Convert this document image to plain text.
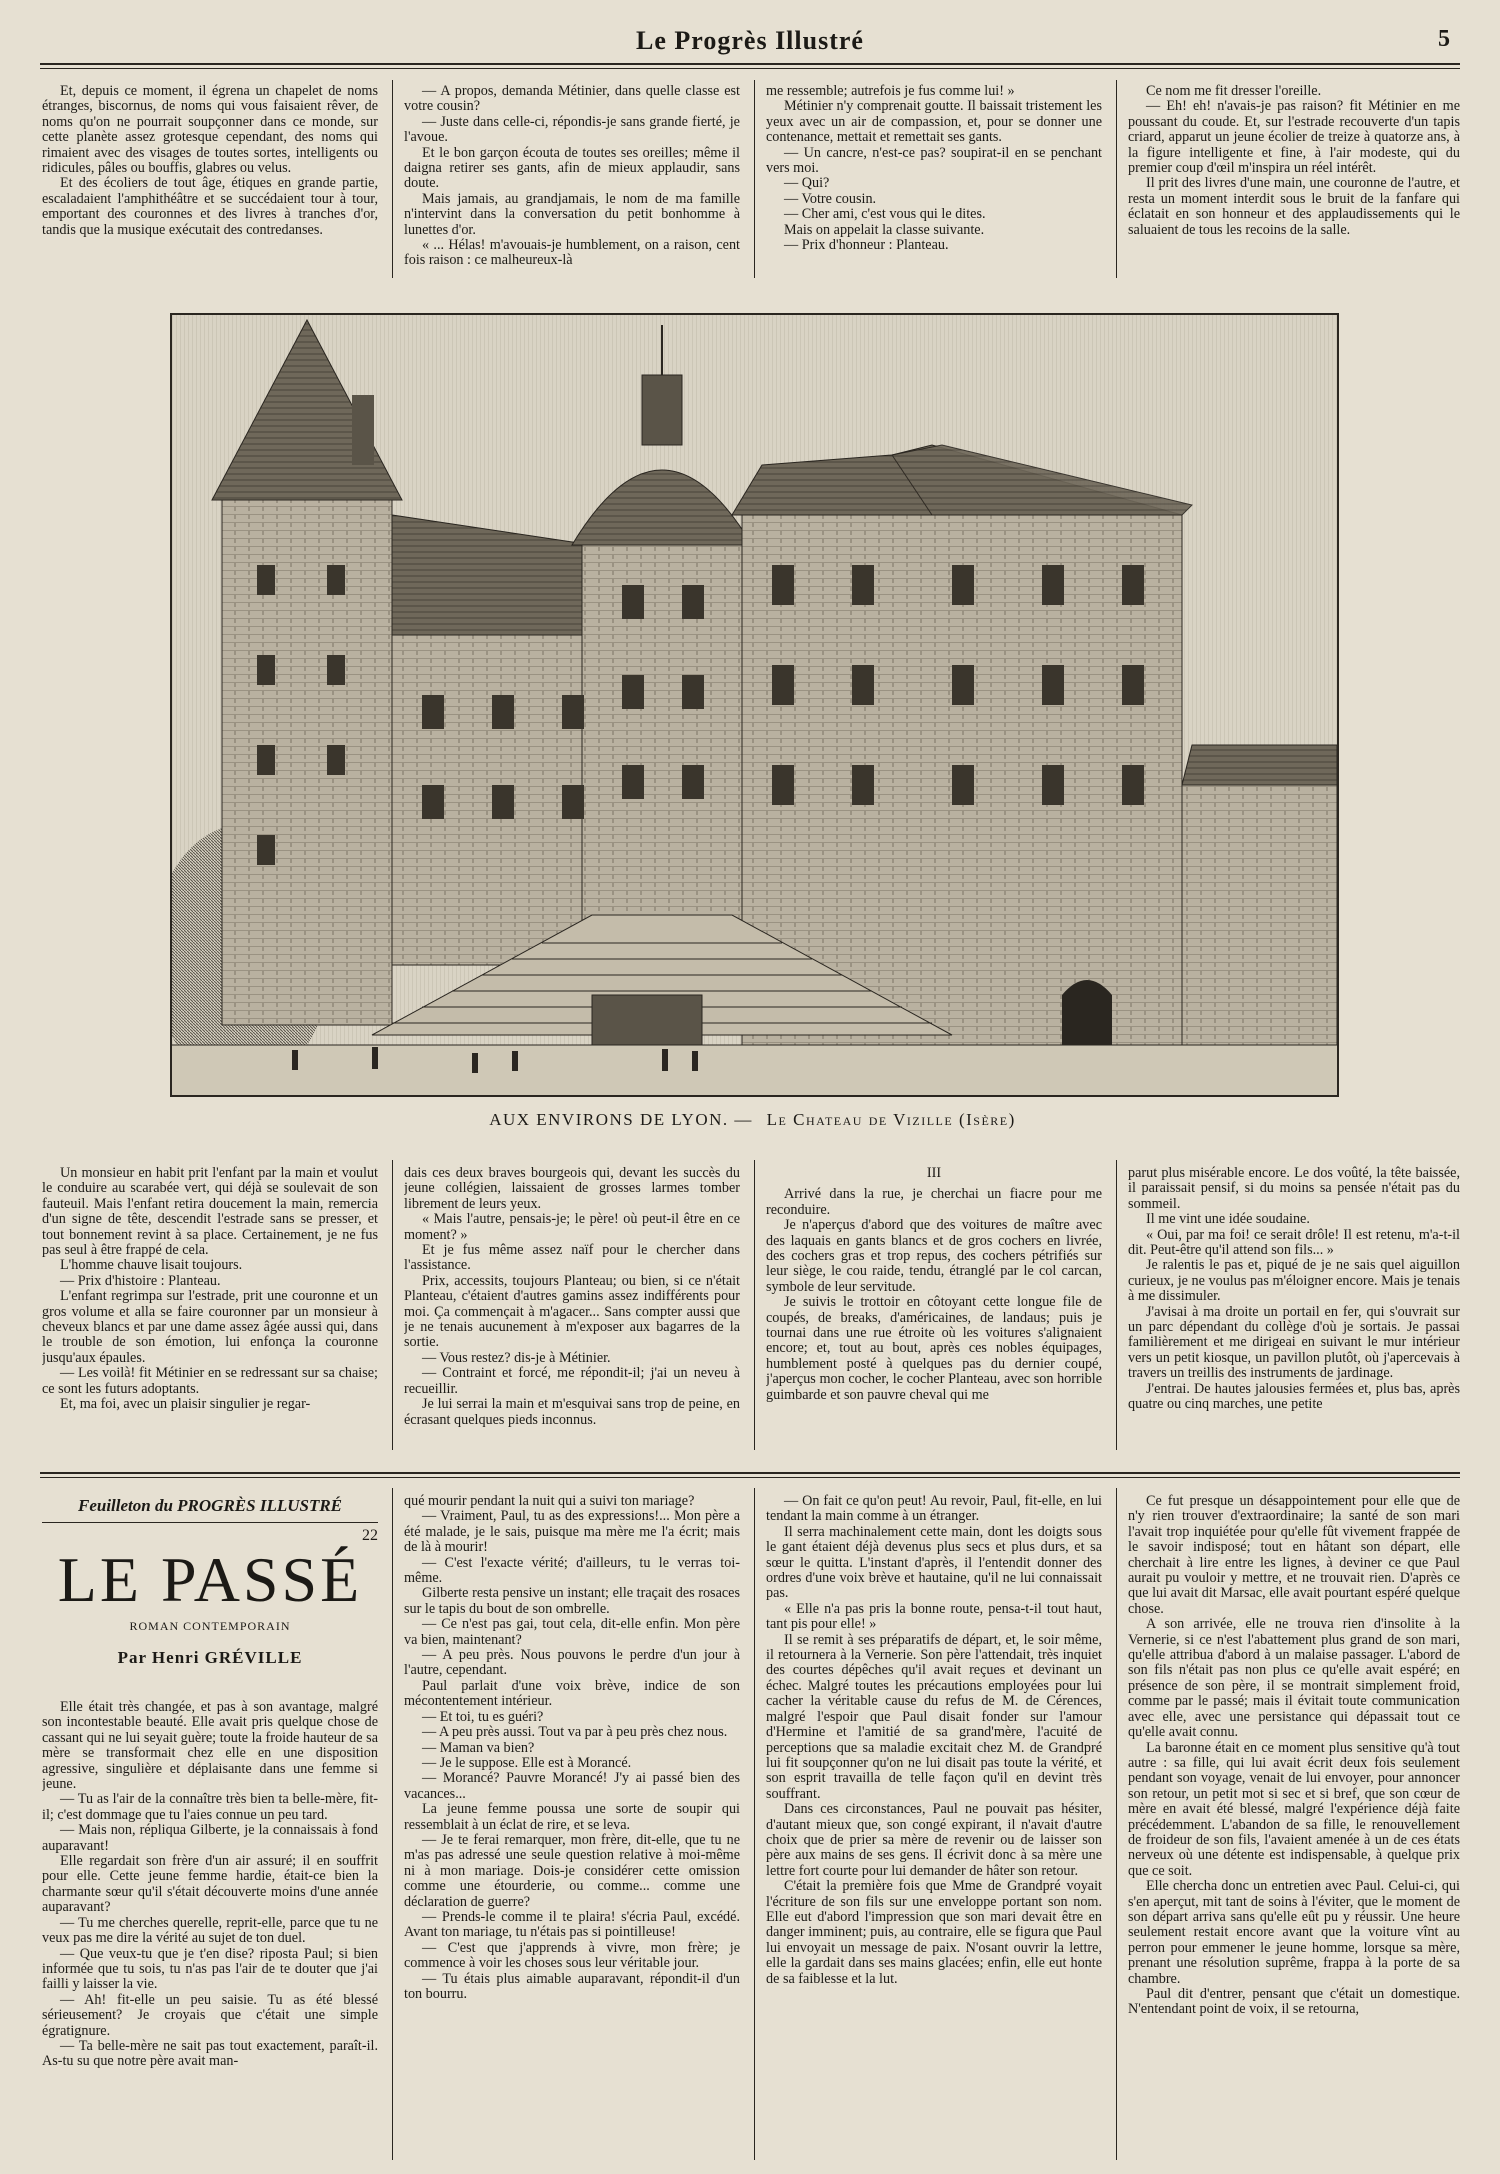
Le Progrès Illustré	5

Et, depuis ce moment, il égrena un chapelet de noms étranges, biscornus, de noms qui vous faisaient rêver, de noms qu'on ne pourrait soupçonner dans ce monde, sur cette planète assez grotesque cependant, des noms qui rimaient avec des visages de toutes sortes, intelligents ou ridicules, pâles ou bouffis, glabres ou velus.

Et des écoliers de tout âge, étiques en grande partie, escaladaient l'amphithéâtre et se succédaient tour à tour, emportant des couronnes et des livres à tranches d'or, tandis que la musique exécutait des contredanses.

— A propos, demanda Métinier, dans quelle classe est votre cousin?

— Juste dans celle-ci, répondis-je sans grande fierté, je l'avoue.

Et le bon garçon écouta de toutes ses oreilles; même il daigna retirer ses gants, afin de mieux applaudir, sans doute.

Mais jamais, au grandjamais, le nom de ma famille n'intervint dans la conversation du petit bonhomme à lunettes d'or.

« ... Hélas! m'avouais-je humblement, on a raison, cent fois raison : ce malheureux-là

me ressemble; autrefois je fus comme lui! »

Métinier n'y comprenait goutte. Il baissait tristement les yeux avec un air de compassion, et, pour se donner une contenance, mettait et remettait ses gants.

— Un cancre, n'est-ce pas? soupirat-il en se penchant vers moi.

— Qui?

— Votre cousin.

— Cher ami, c'est vous qui le dites.

Mais on appelait la classe suivante.

— Prix d'honneur : Planteau.

Ce nom me fit dresser l'oreille.

— Eh! eh! n'avais-je pas raison? fit Métinier en me poussant du coude. Et, sur l'estrade recouverte d'un tapis criard, apparut un jeune écolier de treize à quatorze ans, à la figure intelligente et fine, à l'air modeste, qui du premier coup d'œil m'inspira un réel intérêt.

Il prit des livres d'une main, une couronne de l'autre, et resta un moment interdit sous le bruit de la fanfare qui éclatait en son honneur et des applaudissements qui le saluaient de tous les recoins de la salle.

AUX ENVIRONS DE LYON. — Le Chateau de Vizille (Isère)

Un monsieur en habit prit l'enfant par la main et voulut le conduire au scarabée vert, qui déjà se soulevait de son fauteuil. Mais l'enfant retira doucement la main, remercia d'un signe de tête, descendit l'estrade sans se presser, et tout bonnement revint à sa place. Certainement, je ne fus pas seul à être frappé de cela.

L'homme chauve lisait toujours.

— Prix d'histoire : Planteau.

L'enfant regrimpa sur l'estrade, prit une couronne et un gros volume et alla se faire couronner par un monsieur à cheveux blancs et par une dame assez âgée aussi qui, dans le trouble de son émotion, lui enfonça la couronne jusqu'aux épaules.

— Les voilà! fit Métinier en se redressant sur sa chaise; ce sont les futurs adoptants.

Et, ma foi, avec un plaisir singulier je regar-

dais ces deux braves bourgeois qui, devant les succès du jeune collégien, laissaient de grosses larmes tomber librement de leurs yeux.

« Mais l'autre, pensais-je; le père! où peut-il être en ce moment? »

Et je fus même assez naïf pour le chercher dans l'assistance.

Prix, accessits, toujours Planteau; ou bien, si ce n'était Planteau, c'étaient d'autres gamins assez indifférents pour moi. Ça commençait à m'agacer... Sans compter aussi que je ne tenais aucunement à m'exposer aux bagarres de la sortie.

— Vous restez? dis-je à Métinier.

— Contraint et forcé, me répondit-il; j'ai un neveu à recueillir.

Je lui serrai la main et m'esquivai sans trop de peine, en écrasant quelques pieds inconnus.

III

Arrivé dans la rue, je cherchai un fiacre pour me reconduire.

Je n'aperçus d'abord que des voitures de maître avec des laquais en gants blancs et de gros cochers en livrée, des cochers gras et trop repus, des cochers pétrifiés sur leur siège, le cou raide, tendu, étranglé par le col carcan, symbole de leur servitude.

Je suivis le trottoir en côtoyant cette longue file de coupés, de breaks, d'américaines, de landaus; puis je tournai dans une rue étroite où les voitures s'alignaient encore; et, tout au bout, après ces nobles équipages, humblement posté à quelques pas du dernier coupé, j'aperçus mon cocher, le cocher Planteau, avec son horrible guimbarde et son pauvre cheval qui me

parut plus misérable encore. Le dos voûté, la tête baissée, il paraissait pensif, si du moins sa pensée n'était pas du sommeil.

Il me vint une idée soudaine.

« Oui, par ma foi! ce serait drôle! Il est retenu, m'a-t-il dit. Peut-être qu'il attend son fils... »

Je ralentis le pas et, piqué de je ne sais quel aiguillon curieux, je ne voulus pas m'éloigner encore. Mais je tenais à me dissimuler.

J'avisai à ma droite un portail en fer, qui s'ouvrait sur un parc dépendant du collège d'où je sortais. Je passai familièrement et me dirigeai en suivant le mur intérieur vers un petit kiosque, un pavillon plutôt, où j'apercevais à travers un treillis des instruments de jardinage.

J'entrai. De hautes jalousies fermées et, plus bas, après quatre ou cinq marches, une petite

Feuilleton du PROGRÈS ILLUSTRÉ
22
LE PASSÉ
ROMAN CONTEMPORAIN
Par Henri GRÉVILLE

Elle était très changée, et pas à son avantage, malgré son incontestable beauté. Elle avait pris quelque chose de cassant qui ne lui seyait guère; toute la froide hauteur de sa mère se transformait chez elle en une disposition agressive, singulière et déplaisante dans une femme si jeune.

— Tu as l'air de la connaître très bien ta belle-mère, fit-il; c'est dommage que tu l'aies connue un peu tard.

— Mais non, répliqua Gilberte, je la connaissais à fond auparavant!

Elle regardait son frère d'un air assuré; il en souffrit pour elle. Cette jeune femme hardie, était-ce bien la charmante sœur qu'il s'était découverte moins d'une année auparavant?

— Tu me cherches querelle, reprit-elle, parce que tu ne veux pas me dire la vérité au sujet de ton duel.

— Que veux-tu que je t'en dise? riposta Paul; si bien informée que tu sois, tu n'as pas l'air de te douter que j'ai failli y laisser la vie.

— Ah! fit-elle un peu saisie. Tu as été blessé sérieusement? Je croyais que c'était une simple égratignure.

— Ta belle-mère ne sait pas tout exactement, paraît-il. As-tu su que notre père avait man-

qué mourir pendant la nuit qui a suivi ton mariage?

— Vraiment, Paul, tu as des expressions!... Mon père a été malade, je le sais, puisque ma mère me l'a écrit; mais de là à mourir!

— C'est l'exacte vérité; d'ailleurs, tu le verras toi-même.

Gilberte resta pensive un instant; elle traçait des rosaces sur le tapis du bout de son ombrelle.

— Ce n'est pas gai, tout cela, dit-elle enfin. Mon père va bien, maintenant?

— A peu près. Nous pouvons le perdre d'un jour à l'autre, cependant.

Paul parlait d'une voix brève, indice de son mécontentement intérieur.

— Et toi, tu es guéri?

— A peu près aussi. Tout va par à peu près chez nous.

— Maman va bien?

— Je le suppose. Elle est à Morancé.

— Morancé? Pauvre Morancé! J'y ai passé bien des vacances...

La jeune femme poussa une sorte de soupir qui ressemblait à un éclat de rire, et se leva.

— Je te ferai remarquer, mon frère, dit-elle, que tu ne m'as pas adressé une seule question relative à moi-même ni à mon mariage. Dois-je considérer cette omission comme une étourderie, ou comme... comme une déclaration de guerre?

— Prends-le comme il te plaira! s'écria Paul, excédé. Avant ton mariage, tu n'étais pas si pointilleuse!

— C'est que j'apprends à vivre, mon frère; je commence à voir les choses sous leur véritable jour.

— Tu étais plus aimable auparavant, répondit-il d'un ton bourru.

— On fait ce qu'on peut! Au revoir, Paul, fit-elle, en lui tendant la main comme à un étranger.

Il serra machinalement cette main, dont les doigts sous le gant étaient déjà devenus plus secs et plus durs, et sa sœur le quitta. L'instant d'après, il l'entendit donner des ordres d'une voix brève et hautaine, qu'il ne lui connaissait pas.

« Elle n'a pas pris la bonne route, pensa-t-il tout haut, tant pis pour elle! »

Il se remit à ses préparatifs de départ, et, le soir même, il retournera à la Vernerie. Son père l'attendait, très inquiet des courtes dépêches qu'il avait reçues et devinant un échec. Malgré toutes les précautions employées pour lui cacher la véritable cause du refus de M. de Cérences, malgré l'espoir que Paul disait fonder sur l'amour d'Hermine et l'amitié de sa grand'mère, l'acuité de perceptions que sa maladie excitait chez M. de Grandpré lui fit soupçonner qu'on ne lui disait pas toute la vérité, et son esprit travailla de telle façon qu'il en devint très souffrant.

Dans ces circonstances, Paul ne pouvait pas hésiter, d'autant mieux que, son congé expirant, il n'avait d'autre choix que de prier sa mère de revenir ou de laisser son père aux mains de ses gens. Il écrivit donc à sa mère une lettre fort courte pour lui demander de hâter son retour.

C'était la première fois que Mme de Grandpré voyait l'écriture de son fils sur une enveloppe portant son nom. Elle eut d'abord l'impression que son mari devait être en danger imminent; puis, au contraire, elle se figura que Paul lui envoyait un message de paix. N'osant ouvrir la lettre, elle la gardait dans ses mains glacées; enfin, elle eut honte de sa faiblesse et la lut.

Ce fut presque un désappointement pour elle que de n'y rien trouver d'extraordinaire; la santé de son mari l'avait trop inquiétée pour qu'elle fût vivement frappée de le savoir indisposé; tout en hâtant son départ, elle cherchait à lire entre les lignes, à deviner ce que Paul aurait pu vouloir y mettre, et ne trouvait rien. D'après ce que lui avait dit Marsac, elle avait pourtant espéré quelque chose.

A son arrivée, elle ne trouva rien d'insolite à la Vernerie, si ce n'est l'abattement plus grand de son mari, qu'elle attribua d'abord à un malaise passager. L'abord de son fils n'était pas non plus ce qu'elle avait espéré; en présence de son père, il se montrait simplement froid, comme par le passé; mais il évitait toute communication avec elle, avec une persistance qui dépassait tout ce qu'elle avait connu.

La baronne était en ce moment plus sensitive qu'à tout autre : sa fille, qui lui avait écrit deux fois seulement pendant son voyage, venait de lui envoyer, pour annoncer son retour, un petit mot si sec et si bref, que son cœur de mère en avait été blessé, malgré l'expérience déjà faite précédemment. L'abandon de sa fille, le renouvellement de froideur de son fils, l'avaient amenée à un de ces états nerveux où une détente est indispensable, à quelque prix que ce soit.

Elle chercha donc un entretien avec Paul. Celui-ci, qui s'en aperçut, mit tant de soins à l'éviter, que le moment de son départ arriva sans qu'elle eût pu y réussir. Une heure seulement restait encore avant que la voiture vînt au perron pour emmener le jeune homme, lorsque sa mère, prenant une résolution suprême, frappa à la porte de sa chambre.

Paul dit d'entrer, pensant que c'était un domestique. N'entendant point de voix, il se retourna,
